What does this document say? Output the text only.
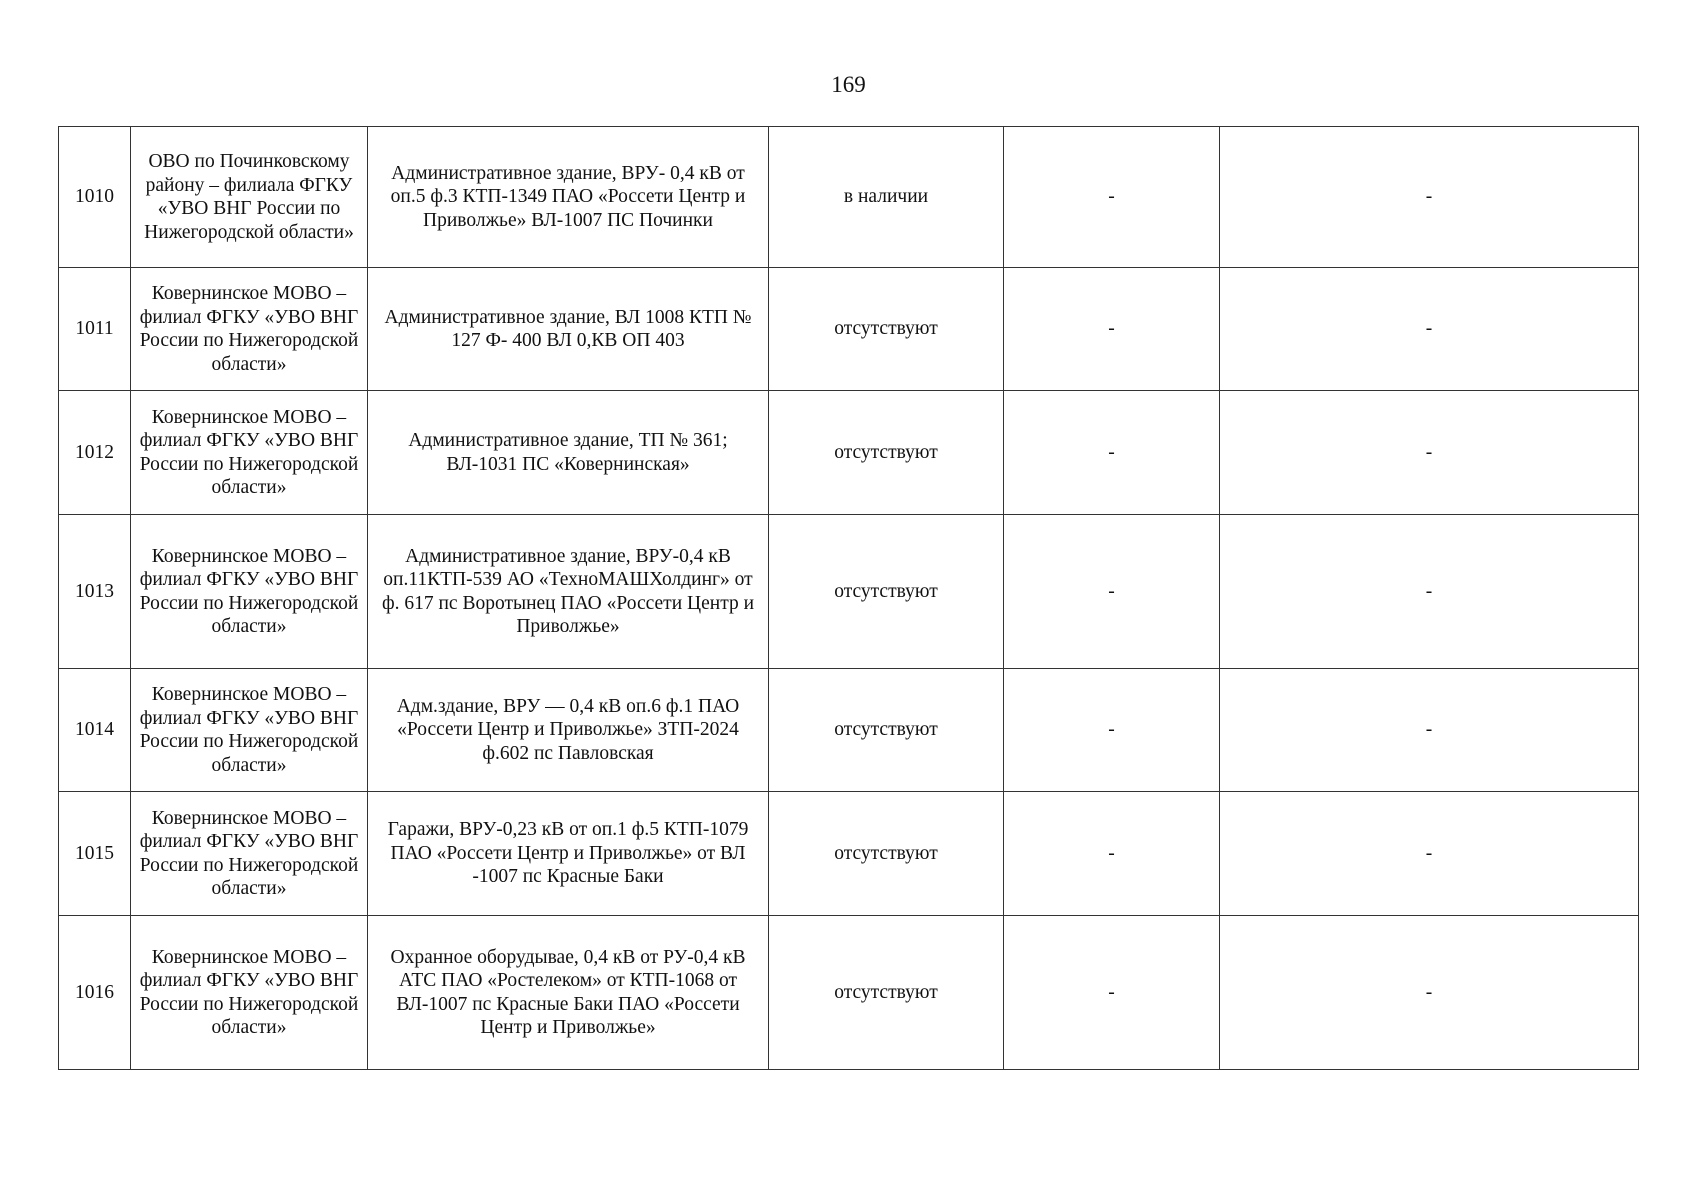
169
1010	ОВО по Починковскому району – филиала ФГКУ «УВО ВНГ России по Нижегородской области»	Административное здание, ВРУ- 0,4 кВ от оп.5 ф.3 КТП-1349 ПАО «Россети Центр и Приволжье» ВЛ-1007 ПС Починки	в наличии	-	-
1011	Ковернинское МОВО – филиал ФГКУ «УВО ВНГ России по Нижегородской области»	Административное здание, ВЛ 1008 КТП № 127 Ф- 400 ВЛ 0,КВ ОП 403	отсутствуют	-	-
1012	Ковернинское МОВО – филиал ФГКУ «УВО ВНГ России по Нижегородской области»	Административное здание, ТП № 361; ВЛ-1031 ПС «Ковернинская»	отсутствуют	-	-
1013	Ковернинское МОВО – филиал ФГКУ «УВО ВНГ России по Нижегородской области»	Административное здание, ВРУ-0,4 кВ оп.11КТП-539 АО «ТехноМАШХолдинг» от ф. 617 пс Воротынец ПАО «Россети Центр и Приволжье»	отсутствуют	-	-
1014	Ковернинское МОВО – филиал ФГКУ «УВО ВНГ России по Нижегородской области»	Адм.здание, ВРУ — 0,4 кВ оп.6 ф.1 ПАО «Россети Центр и Приволжье» ЗТП-2024 ф.602 пс Павловская	отсутствуют	-	-
1015	Ковернинское МОВО – филиал ФГКУ «УВО ВНГ России по Нижегородской области»	Гаражи, ВРУ-0,23 кВ от оп.1 ф.5 КТП-1079 ПАО «Россети Центр и Приволжье» от ВЛ -1007 пс Красные Баки	отсутствуют	-	-
1016	Ковернинское МОВО – филиал ФГКУ «УВО ВНГ России по Нижегородской области»	Охранное оборудывае, 0,4 кВ от РУ-0,4 кВ АТС ПАО «Ростелеком» от КТП-1068 от ВЛ-1007 пс Красные Баки ПАО «Россети Центр и Приволжье»	отсутствуют	-	-
